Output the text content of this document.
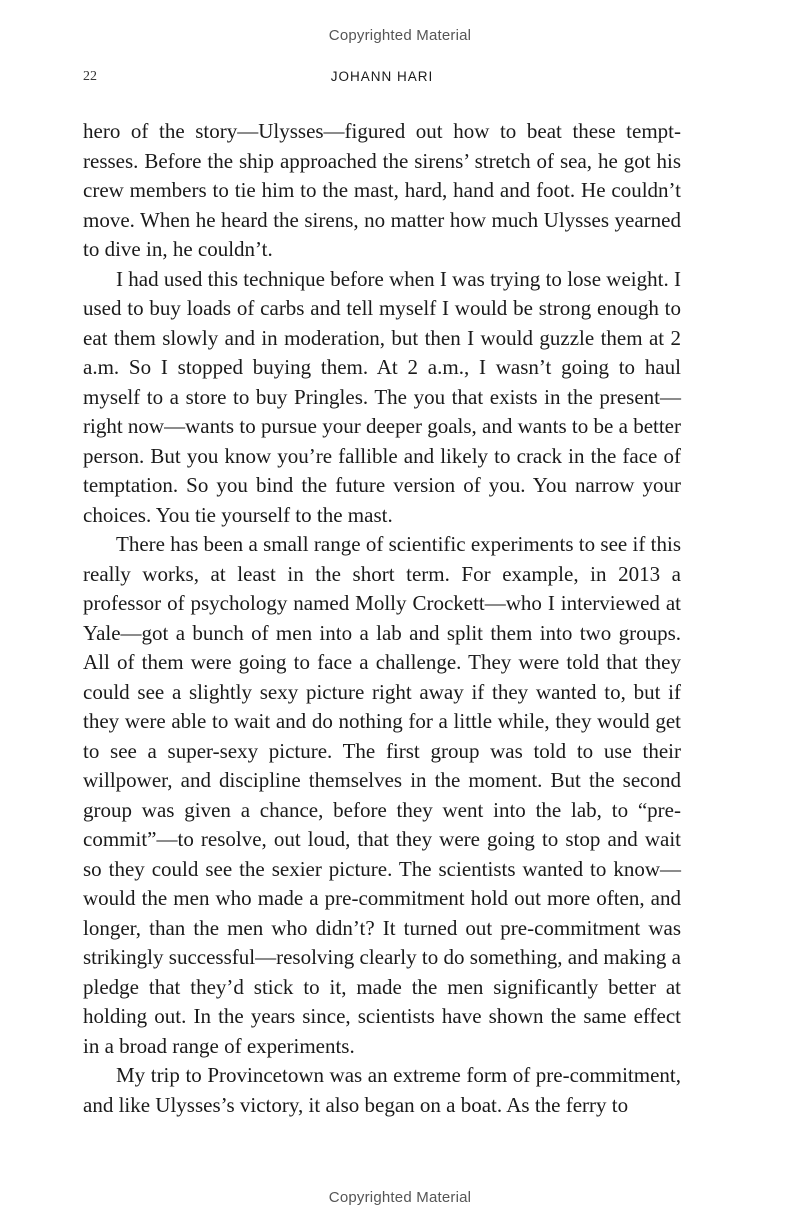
Copyrighted Material
22	JOHANN HARI

hero of the story—Ulysses—figured out how to beat these tempt-resses. Before the ship approached the sirens’ stretch of sea, he got his crew members to tie him to the mast, hard, hand and foot. He couldn’t move. When he heard the sirens, no matter how much Ulysses yearned to dive in, he couldn’t.

I had used this technique before when I was trying to lose weight. I used to buy loads of carbs and tell myself I would be strong enough to eat them slowly and in moderation, but then I would guzzle them at 2 a.m. So I stopped buying them. At 2 a.m., I wasn’t going to haul myself to a store to buy Pringles. The you that exists in the present—right now—wants to pursue your deeper goals, and wants to be a better person. But you know you’re fallible and likely to crack in the face of temptation. So you bind the future version of you. You narrow your choices. You tie yourself to the mast.

There has been a small range of scientific experiments to see if this really works, at least in the short term. For example, in 2013 a professor of psychology named Molly Crockett—who I interviewed at Yale—got a bunch of men into a lab and split them into two groups. All of them were going to face a challenge. They were told that they could see a slightly sexy picture right away if they wanted to, but if they were able to wait and do nothing for a little while, they would get to see a super-sexy picture. The first group was told to use their willpower, and discipline themselves in the moment. But the second group was given a chance, before they went into the lab, to “pre-commit”—to resolve, out loud, that they were going to stop and wait so they could see the sexier picture. The scientists wanted to know—would the men who made a pre-commitment hold out more often, and longer, than the men who didn’t? It turned out pre-commitment was strikingly successful—resolving clearly to do something, and making a pledge that they’d stick to it, made the men significantly better at holding out. In the years since, scientists have shown the same effect in a broad range of experiments.

My trip to Provincetown was an extreme form of pre-commitment, and like Ulysses’s victory, it also began on a boat. As the ferry to

Copyrighted Material
